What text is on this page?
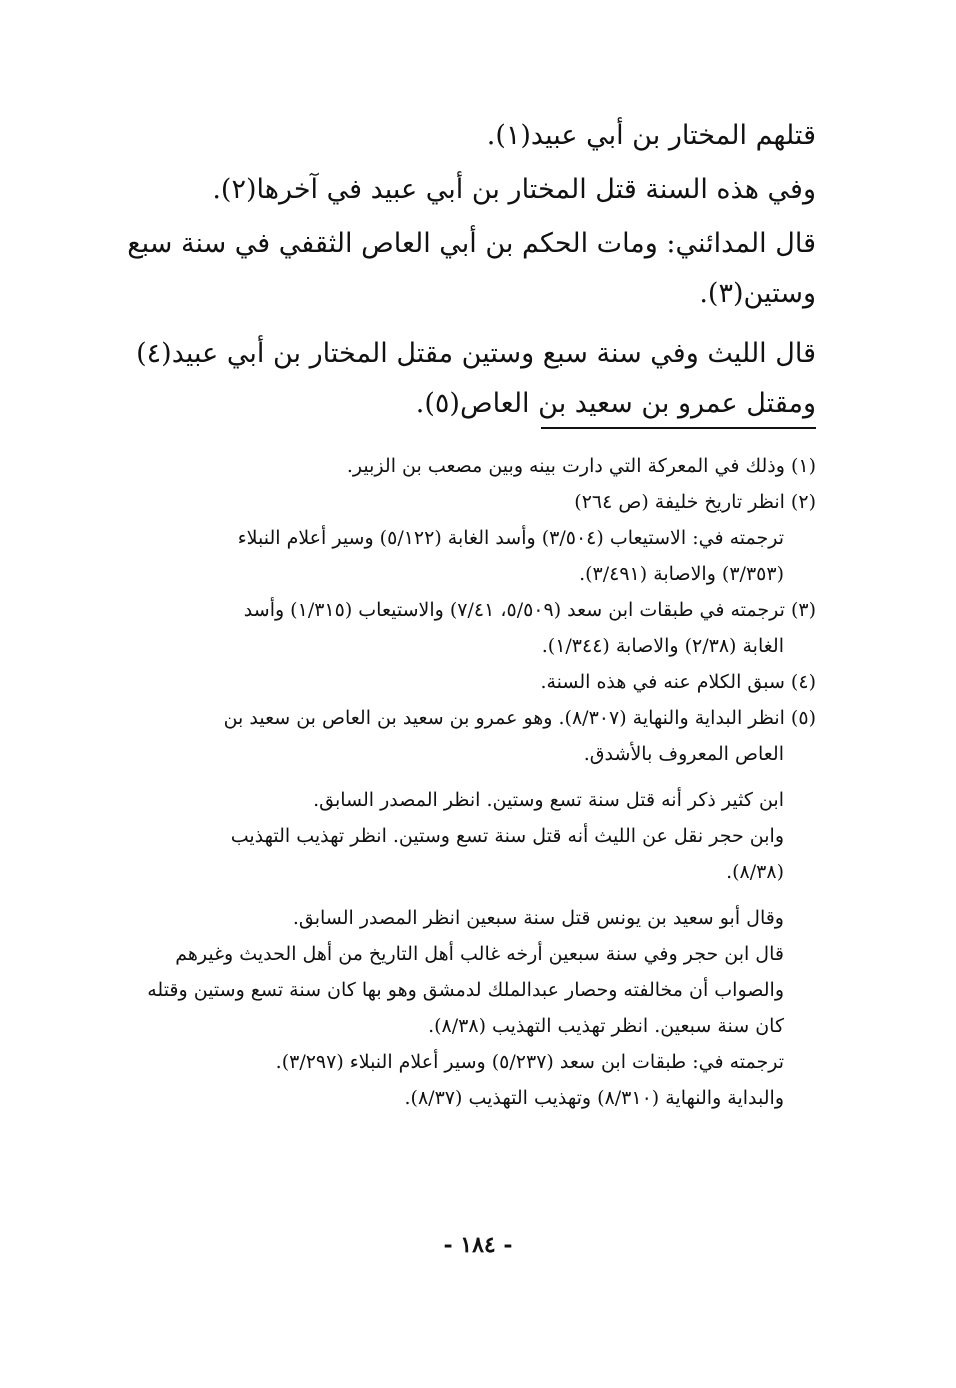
قتلهم المختار بن أبي عبيد(١).

وفي هذه السنة قتل المختار بن أبي عبيد في آخرها(٢).

قال المدائني: ومات الحكم بن أبي العاص الثقفي في سنة سبع

وستين(٣).

قال الليث وفي سنة سبع وستين مقتل المختار بن أبي عبيد(٤)

ومقتل عمرو بن سعيد بن العاص(٥).

(١) وذلك في المعركة التي دارت بينه وبين مصعب بن الزبير.

(٢) انظر تاريخ خليفة (ص ٢٦٤)

ترجمته في: الاستيعاب (٣/٥٠٤) وأسد الغابة (٥/١٢٢) وسير أعلام النبلاء

(٣/٣٥٣) والاصابة (٣/٤٩١).

(٣) ترجمته في طبقات ابن سعد (٥/٥٠٩، ٧/٤١) والاستيعاب (١/٣١٥) وأسد

الغابة (٢/٣٨) والاصابة (١/٣٤٤).

(٤) سبق الكلام عنه في هذه السنة.

(٥) انظر البداية والنهاية (٨/٣٠٧). وهو عمرو بن سعيد بن العاص بن سعيد بن

العاص المعروف بالأشدق.

ابن كثير ذكر أنه قتل سنة تسع وستين. انظر المصدر السابق.

وابن حجر نقل عن الليث أنه قتل سنة تسع وستين. انظر تهذيب التهذيب

(٨/٣٨).

وقال أبو سعيد بن يونس قتل سنة سبعين انظر المصدر السابق.

قال ابن حجر وفي سنة سبعين أرخه غالب أهل التاريخ من أهل الحديث وغيرهم

والصواب أن مخالفته وحصار عبدالملك لدمشق وهو بها كان سنة تسع وستين وقتله

كان سنة سبعين. انظر تهذيب التهذيب (٨/٣٨).

ترجمته في: طبقات ابن سعد (٥/٢٣٧) وسير أعلام النبلاء (٣/٢٩٧).

والبداية والنهاية (٨/٣١٠) وتهذيب التهذيب (٨/٣٧).

- ١٨٤ -
